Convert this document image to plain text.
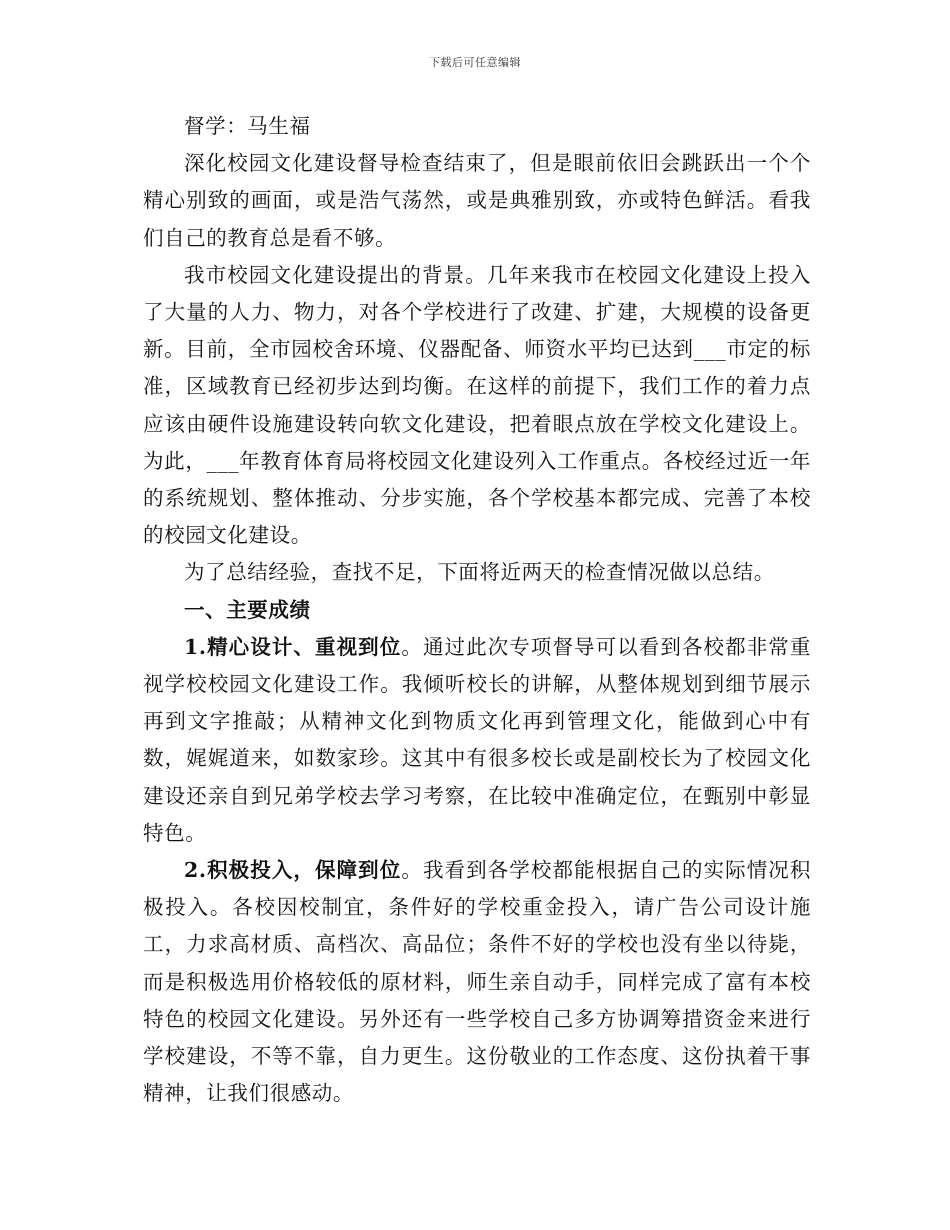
下载后可任意编辑

督学：马生福

深化校园文化建设督导检查结束了，但是眼前依旧会跳跃出一个个精心别致的画面，或是浩气荡然，或是典雅别致，亦或特色鲜活。看我们自己的教育总是看不够。

我市校园文化建设提出的背景。几年来我市在校园文化建设上投入了大量的人力、物力，对各个学校进行了改建、扩建，大规模的设备更新。目前，全市园校舍环境、仪器配备、师资水平均已达到___市定的标准，区域教育已经初步达到均衡。在这样的前提下，我们工作的着力点应该由硬件设施建设转向软文化建设，把着眼点放在学校文化建设上。为此，___年教育体育局将校园文化建设列入工作重点。各校经过近一年的系统规划、整体推动、分步实施，各个学校基本都完成、完善了本校的校园文化建设。

为了总结经验，查找不足，下面将近两天的检查情况做以总结。

一、主要成绩

1.精心设计、重视到位。通过此次专项督导可以看到各校都非常重视学校校园文化建设工作。我倾听校长的讲解，从整体规划到细节展示再到文字推敲；从精神文化到物质文化再到管理文化，能做到心中有数，娓娓道来，如数家珍。这其中有很多校长或是副校长为了校园文化建设还亲自到兄弟学校去学习考察，在比较中准确定位，在甄别中彰显特色。

2.积极投入，保障到位。我看到各学校都能根据自己的实际情况积极投入。各校因校制宜，条件好的学校重金投入，请广告公司设计施工，力求高材质、高档次、高品位；条件不好的学校也没有坐以待毙，而是积极选用价格较低的原材料，师生亲自动手，同样完成了富有本校特色的校园文化建设。另外还有一些学校自己多方协调筹措资金来进行学校建设，不等不靠，自力更生。这份敬业的工作态度、这份执着干事精神，让我们很感动。
